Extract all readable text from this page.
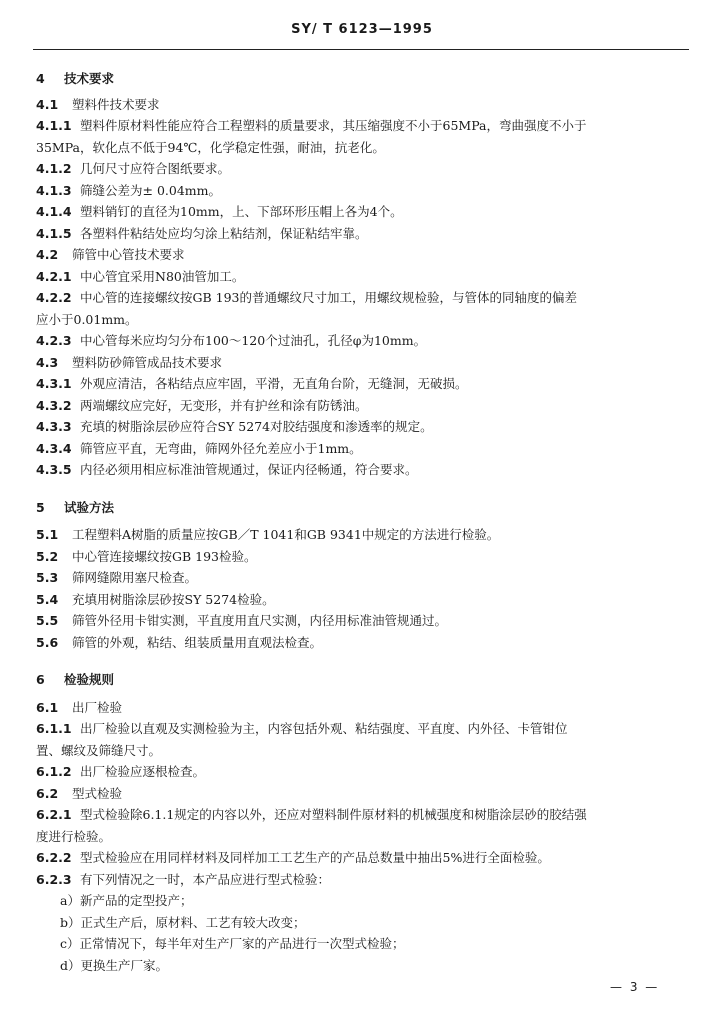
SY/ T 6123—1995
4 技术要求
4.1 塑料件技术要求
4.1.1 塑料件原材料性能应符合工程塑料的质量要求，其压缩强度不小于65MPa，弯曲强度不小于
35MPa，软化点不低于94℃，化学稳定性强，耐油，抗老化。
4.1.2 几何尺寸应符合图纸要求。
4.1.3 筛缝公差为± 0.04mm。
4.1.4 塑料销钉的直径为10mm，上、下部环形压帽上各为4个。
4.1.5 各塑料件粘结处应均匀涂上粘结剂，保证粘结牢靠。
4.2 筛管中心管技术要求
4.2.1 中心管宜采用N80油管加工。
4.2.2 中心管的连接螺纹按GB 193的普通螺纹尺寸加工，用螺纹规检验，与管体的同轴度的偏差
应小于0.01mm。
4.2.3 中心管每米应均匀分布100～120个过油孔，孔径φ为10mm。
4.3 塑料防砂筛管成品技术要求
4.3.1 外观应清洁，各粘结点应牢固，平滑，无直角台阶，无缝洞，无破损。
4.3.2 两端螺纹应完好，无变形，并有护丝和涂有防锈油。
4.3.3 充填的树脂涂层砂应符合SY 5274对胶结强度和渗透率的规定。
4.3.4 筛管应平直，无弯曲，筛网外径允差应小于1mm。
4.3.5 内径必须用相应标准油管规通过，保证内径畅通，符合要求。
5 试验方法
5.1 工程塑料A树脂的质量应按GB／T 1041和GB 9341中规定的方法进行检验。
5.2 中心管连接螺纹按GB 193检验。
5.3 筛网缝隙用塞尺检查。
5.4 充填用树脂涂层砂按SY 5274检验。
5.5 筛管外径用卡钳实测，平直度用直尺实测，内径用标准油管规通过。
5.6 筛管的外观，粘结、组装质量用直观法检查。
6 检验规则
6.1 出厂检验
6.1.1 出厂检验以直观及实测检验为主，内容包括外观、粘结强度、平直度、内外径、卡管钳位
置、螺纹及筛缝尺寸。
6.1.2 出厂检验应逐根检查。
6.2 型式检验
6.2.1 型式检验除6.1.1规定的内容以外，还应对塑料制件原材料的机械强度和树脂涂层砂的胶结强
度进行检验。
6.2.2 型式检验应在用同样材料及同样加工工艺生产的产品总数量中抽出5%进行全面检验。
6.2.3 有下列情况之一时，本产品应进行型式检验：
a）新产品的定型投产；
b）正式生产后，原材料、工艺有较大改变；
c）正常情况下，每半年对生产厂家的产品进行一次型式检验；
d）更换生产厂家。
— 3 —
